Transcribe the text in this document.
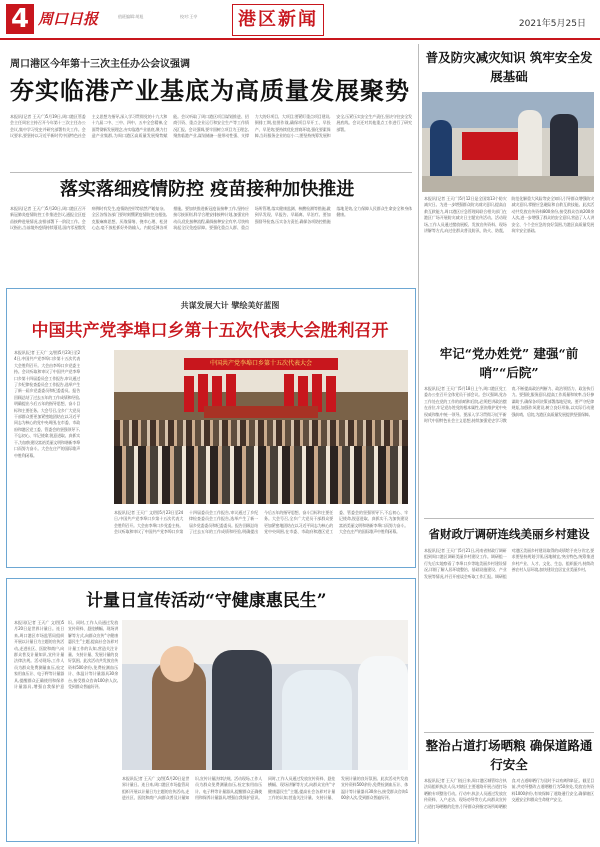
4 周口日报	值班编辑:胡旭	校对:王亭	港区新闻	2021年5月25日
周口港区今年第十三次主任办公会议强调
夯实临港产业基底为高质量发展聚势
本报讯(记者 王天广)5月19日,周口港区管委会主任周宏主持召开今年第十三次主任办公会议,集中学习党史并研究部署有关工作。会议要求,要坚持以习近平新时代中国特色社会主义思想为指导,深入学习贯彻党的十九大和十九届二中、三中、四中、五中全会精神,全面贯彻新发展理念,夯实临港产业基底,聚力打造产业集群,为周口港区高质量发展聚势赋能。会议听取了周口港区项目谋划推进、招商引资、重点企业运行和安全生产等工作情况汇报。会议强调,要牢固树立项目为王理念,聚焦临港产业,谋划储备一批带动性强、支撑力大的好项目、大项目;要紧盯重点项目建设,倒排工期,挂图作战,确保项目早开工、早投产、早见效;要持续优化营商环境,强化要素保障,当好服务企业的店小二;要坚持统筹发展和安全,压紧压实安全生产责任,坚决守住安全发展底线。会议还对其他重点工作进行了研究部署。
落实落细疫情防控 疫苗接种加快推进
本报讯(记者 王天广)5月20日,周口港区召开新冠肺炎疫情防控工作推进会议,通报全区疫苗接种进展情况,安排部署下一阶段工作。会议指出,当前境外疫情持续蔓延,国内零星散发病例时有发生,疫情防控形势依然严峻复杂。全区各级各部门要时刻绷紧疫情防控这根弦,克服麻痹思想、厌战情绪、侥幸心理、松劲心态,毫不放松抓好外防输入、内防反弹各项措施。要加快推进新冠疫苗接种工作,坚持应接尽接原则,科学合理安排接种计划,加强宣传动员,优化接种流程,确保接种安全有序,尽快构筑起全民免疫屏障。要强化重点人群、重点场所管理,落实健康监测、核酸检测等措施,做到早发现、早报告、早隔离、早治疗。要加强督导检查,压实各方责任,确保各项防控措施落地见效,全力保障人民群众生命安全和身体健康。
共谋发展大计 擘绘美好蓝图
中国共产党李埠口乡第十五次代表大会胜利召开
本报讯(记者 王天广 文/图)5月23日至24日,中国共产党李埠口乡第十五次代表大会胜利召开。大会由李埠口乡党委主持。会议听取和审议了中国共产党李埠口乡第十四届委员会工作报告,审议通过了乡纪律检查委员会工作报告,选举产生了新一届乡党委委员和纪委委员。报告回顾总结了过去五年的工作成绩和经验,明确提出今后五年的指导思想、奋斗目标和主要任务。大会号召,全乡广大党员干部群众要更加紧密地团结在以习近平同志为核心的党中央周围,在市委、市政府和港区党工委、管委会的坚强领导下,不忘初心、牢记使命,锐意进取、真抓实干,为加快建设富裕美丽文明和谐新李埠口而努力奋斗。大会在庄严的国际歌声中胜利闭幕。
中国共产党李埠口乡第十五次代表大会
本报讯(记者 王天广 文/图)5月23日至24日,中国共产党李埠口乡第十五次代表大会胜利召开。大会由李埠口乡党委主持。会议听取和审议了中国共产党李埠口乡第十四届委员会工作报告,审议通过了乡纪律检查委员会工作报告,选举产生了新一届乡党委委员和纪委委员。报告回顾总结了过去五年的工作成绩和经验,明确提出今后五年的指导思想、奋斗目标和主要任务。大会号召,全乡广大党员干部群众要更加紧密地团结在以习近平同志为核心的党中央周围,在市委、市政府和港区党工委、管委会的坚强领导下,不忘初心、牢记使命,锐意进取、真抓实干,为加快建设富裕美丽文明和谐新李埠口而努力奋斗。大会在庄严的国际歌声中胜利闭幕。
计量日宣传活动“守健康惠民生”
本报讯(记者 王天广 文/图)5月20日是世界计量日。连日来,周口港区市场监管局组织开展以计量日为主题的宣传活动,走进社区、医院和商户,向群众普及计量知识,宣传计量法律法规。活动现场,工作人员为群众免费测量血压,检定家用血压计、电子秤等计量器具,提醒群众正确使用和保养计量器具,增强自我保护意识。同时,工作人员通过发放宣传资料、悬挂横幅、现场讲解等方式,向群众宣传“守健康惠民生”主题,提高社会各界对计量工作的认知,营造关注计量、支持计量、发展计量的良好氛围。此次活动共发放宣传资料500余份,免费检测血压计、体温计等计量器具30余台,接受群众咨询100余人次,受到群众普遍好评。
本报讯(记者 王天广 文/图)5月20日是世界计量日。连日来,周口港区市场监管局组织开展以计量日为主题的宣传活动,走进社区、医院和商户,向群众普及计量知识,宣传计量法律法规。活动现场,工作人员为群众免费测量血压,检定家用血压计、电子秤等计量器具,提醒群众正确使用和保养计量器具,增强自我保护意识。同时,工作人员通过发放宣传资料、悬挂横幅、现场讲解等方式,向群众宣传“守健康惠民生”主题,提高社会各界对计量工作的认知,营造关注计量、支持计量、发展计量的良好氛围。此次活动共发放宣传资料500余份,免费检测血压计、体温计等计量器具30余台,接受群众咨询100余人次,受到群众普遍好评。
普及防灾减灾知识 筑牢安全发展基础
本报讯(记者 王天广)5月12日是全国第13个防灾减灾日。为进一步增强群众防灾减灾意识,提高自救互救能力,周口港区应急管理局联合相关部门在港区广场开展防灾减灾日主题宣传活动。活动现场,工作人员通过摆放展板、发放宣传资料、现场讲解等方式,向过往群众普及防汛、防火、防震、防范化解重大风险等安全知识,引导群众增强防灾减灾意识,掌握应急避险和自救互救技能。此次活动共发放宣传资料800余份,接受群众咨询200余人次,进一步增强了群众的安全意识,营造了人人讲安全、个个会应急的良好氛围,为港区高质量发展筑牢安全基础。
牢记“党办姓党” 建强“前哨”“后院”
本报讯(记者 王天广)5月18日上午,周口港区党工委办公室召开全体党员干部会议。会议强调,党办工作处在党的工作的前哨和后院,必须把讲政治摆在首位,牢记党办姓党的根本属性,坚决维护党中央权威和集中统一领导。要深入学习贯彻习近平新时代中国特色社会主义思想,持续加强党史学习教育,不断提高政治判断力、政治领悟力、政治执行力。要强化服务意识,提高工作质量和效率,当好参谋助手,确保各项决策部署落地见效。要严守纪律规矩,加强作风建设,树立良好形象,以实际行动建强前哨、后院,为港区高质量发展提供坚强保障。
省财政厅调研连线美丽乡村建设
本报讯(记者 王天广)5月21日,河南省财政厅调研组到周口港区调研美丽乡村建设工作。调研组一行先后实地察看了李埠口乡等地美丽乡村建设情况,详细了解人居环境整治、基础设施建设、产业发展等情况,并召开座谈会听取工作汇报。调研组对港区美丽乡村建设取得的成绩给予充分肯定,要求要坚持规划引领,因地制宜,突出特色,统筹推进乡村产业、人才、文化、生态、组织振兴,持续改善农村人居环境,加快建设宜居宜业美丽乡村。
整治占道打场晒粮 确保道路通行安全
本报讯(记者 王天广)连日来,周口港区城管综合执法局组织执法人员,对辖区主要道路开展占道打场晒粮专项整治行动。行动中,执法人员通过发放宣传资料、入户走访、现场劝导等方式,向群众宣传占道打场晒粮的危害,引导群众到指定场所晾晒粮食,对占道晾晒行为及时予以劝离和纠正。截至目前,共劝导整改占道晒粮行为50余处,发放宣传资料1000余份,有效保障了道路通行安全,确保辖区交通安全和群众生命财产安全。
